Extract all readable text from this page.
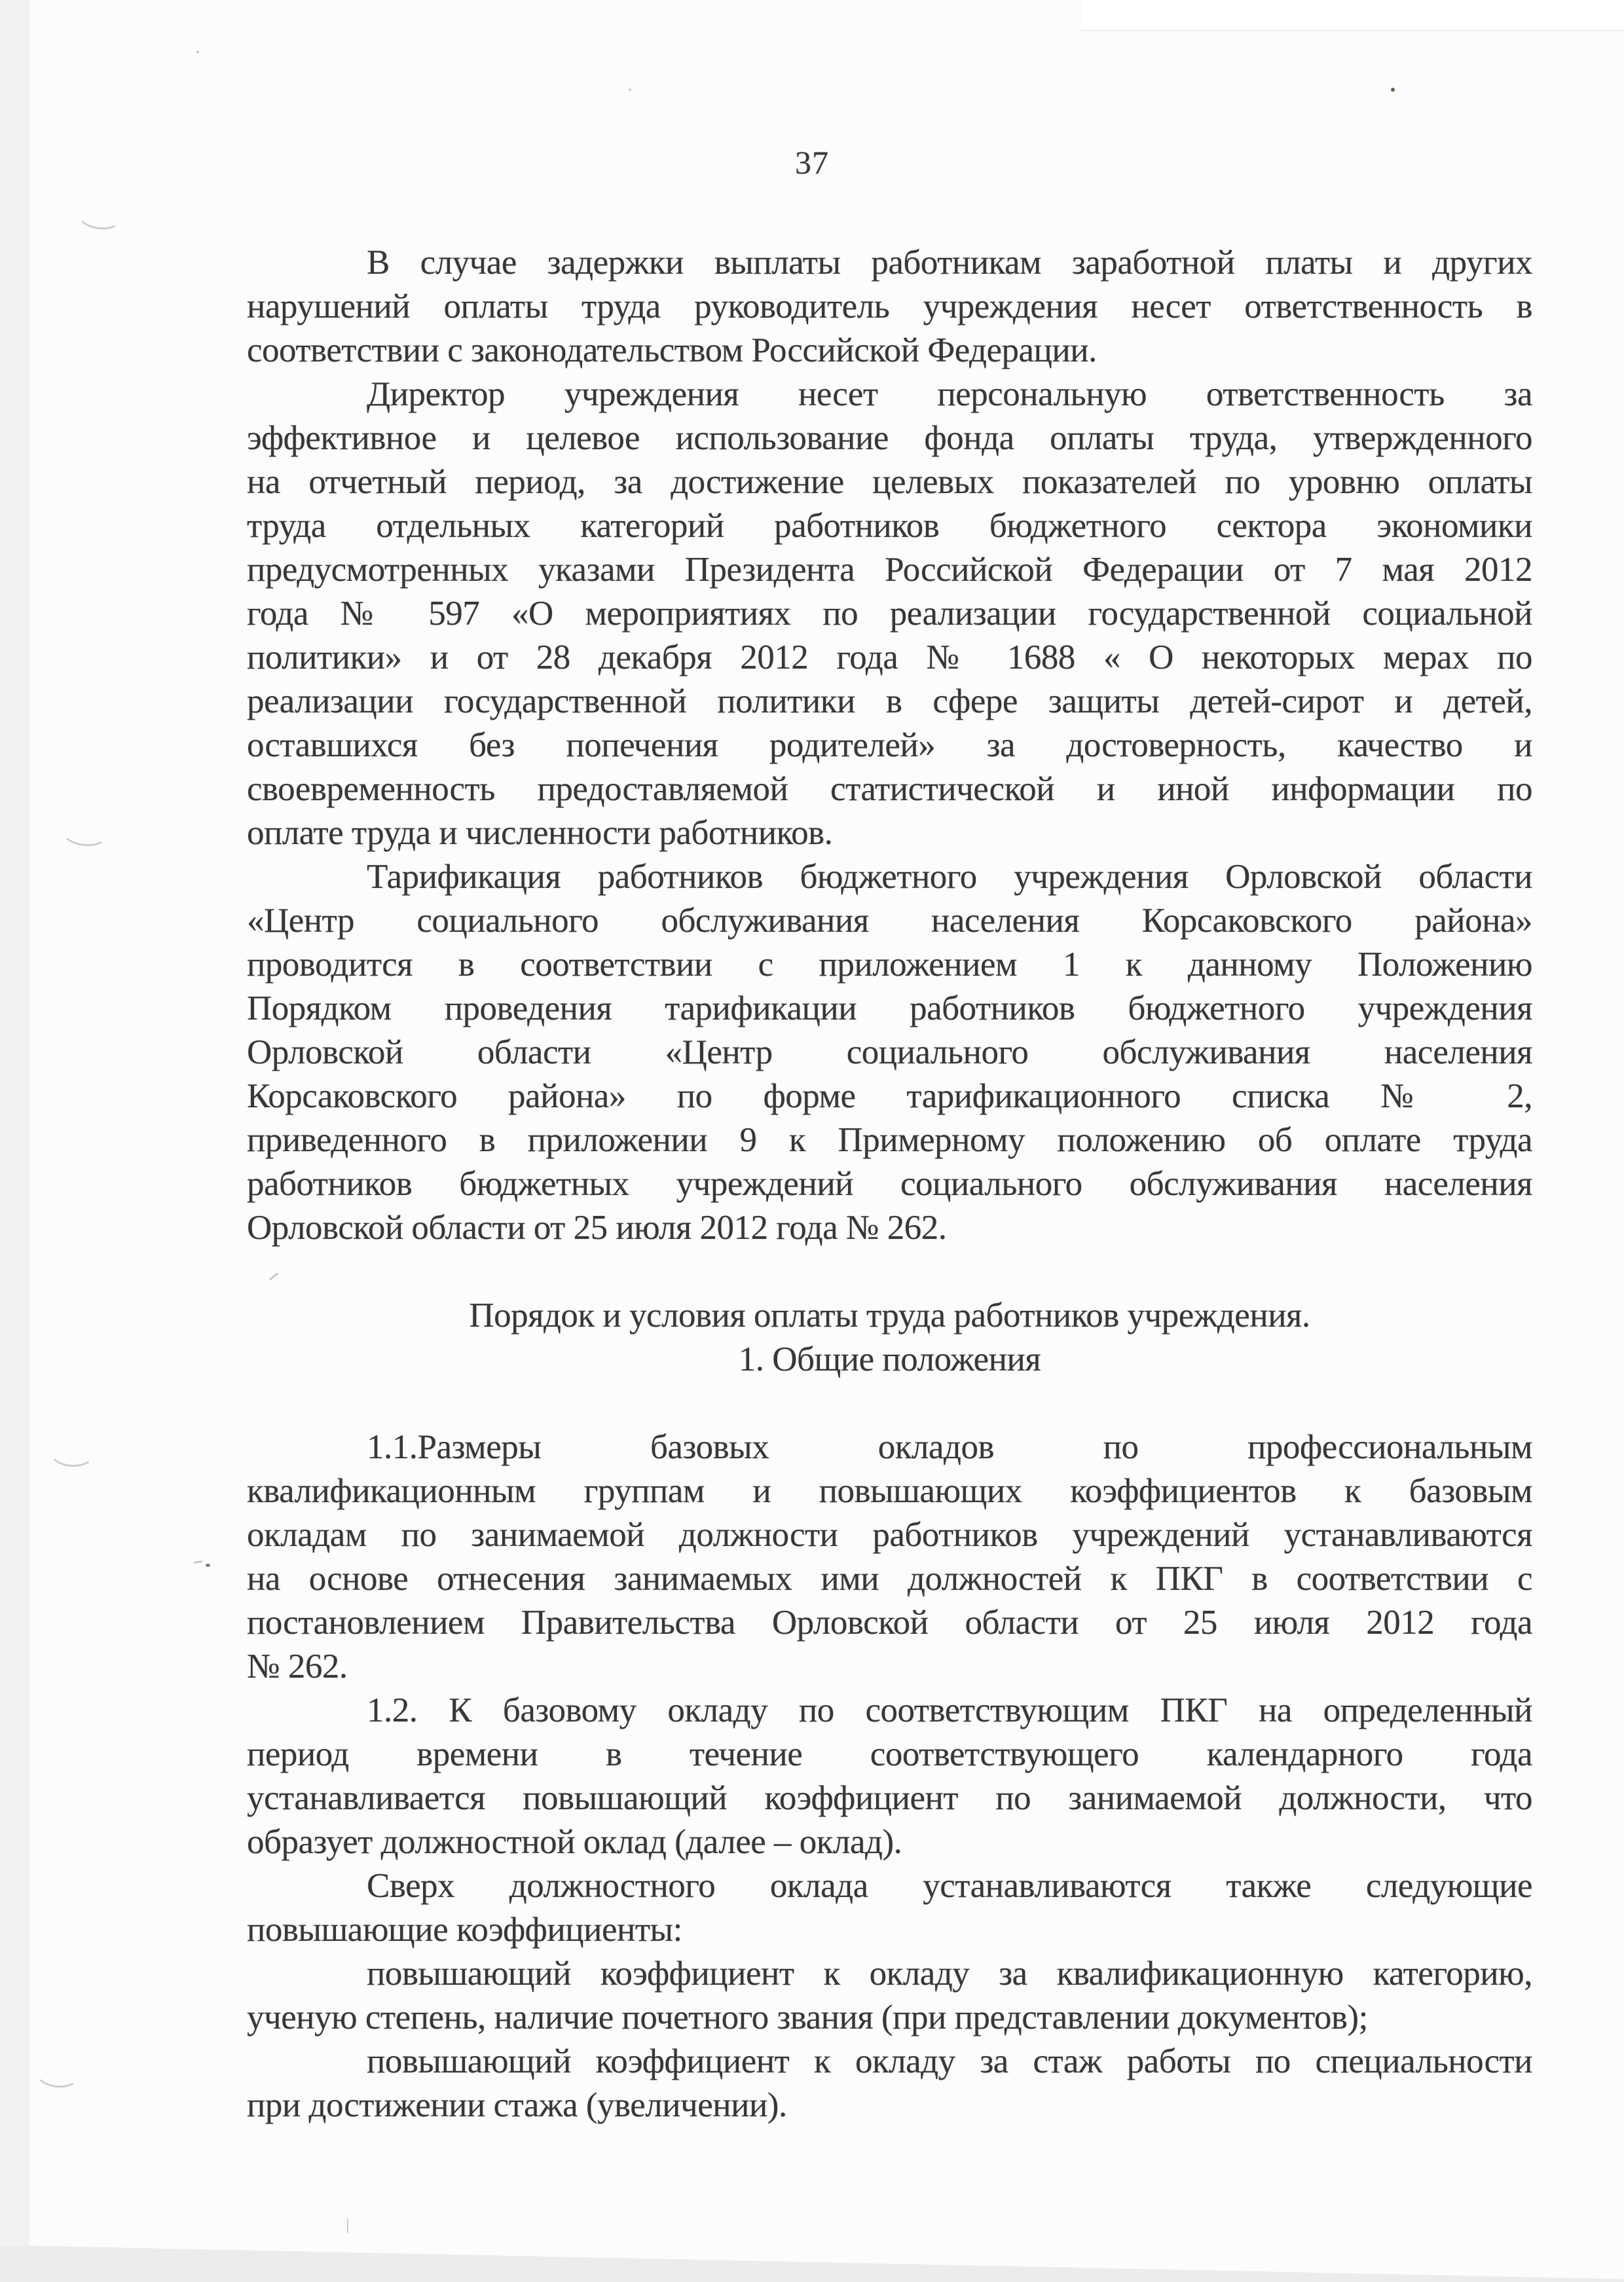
37
В случае задержки выплаты работникам заработной платы и других
нарушений оплаты труда руководитель учреждения несет ответственность в
соответствии с законодательством Российской Федерации.
Директор учреждения несет персональную ответственность за
эффективное и целевое использование фонда оплаты труда, утвержденного
на отчетный период, за достижение целевых показателей по уровню оплаты
труда отдельных категорий работников бюджетного сектора экономики
предусмотренных указами Президента Российской Федерации от 7 мая 2012
года № 597 «О мероприятиях по реализации государственной социальной
политики» и от 28 декабря 2012 года № 1688 « О некоторых мерах по
реализации государственной политики в сфере защиты детей-сирот и детей,
оставшихся без попечения родителей» за достоверность, качество и
своевременность предоставляемой статистической и иной информации по
оплате труда и численности работников.
Тарификация работников бюджетного учреждения Орловской области
«Центр социального обслуживания населения Корсаковского района»
проводится в соответствии с приложением 1 к данному Положению
Порядком проведения тарификации работников бюджетного учреждения
Орловской области «Центр социального обслуживания населения
Корсаковского района» по форме тарификационного списка № 2,
приведенного в приложении 9 к Примерному положению об оплате труда
работников бюджетных учреждений социального обслуживания населения
Орловской области от 25 июля 2012 года № 262.
Порядок и условия оплаты труда работников учреждения.
1. Общие положения
1.1.Размеры базовых окладов по профессиональным
квалификационным группам и повышающих коэффициентов к базовым
окладам по занимаемой должности работников учреждений устанавливаются
на основе отнесения занимаемых ими должностей к ПКГ в соответствии с
постановлением Правительства Орловской области от 25 июля 2012 года
№ 262.
1.2. К базовому окладу по соответствующим ПКГ на определенный
период времени в течение соответствующего календарного года
устанавливается повышающий коэффициент по занимаемой должности, что
образует должностной оклад (далее – оклад).
Сверх должностного оклада устанавливаются также следующие
повышающие коэффициенты:
повышающий коэффициент к окладу за квалификационную категорию,
ученую степень, наличие почетного звания (при представлении документов);
повышающий коэффициент к окладу за стаж работы по специальности
при достижении стажа (увеличении).
